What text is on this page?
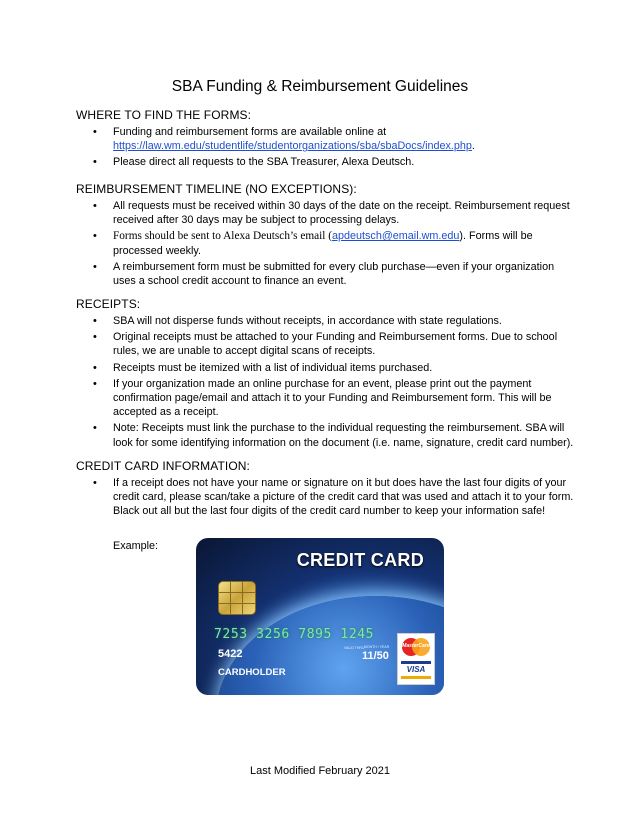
SBA Funding & Reimbursement Guidelines
WHERE TO FIND THE FORMS:
• Funding and reimbursement forms are available online at
https://law.wm.edu/studentlife/studentorganizations/sba/sbaDocs/index.php.
• Please direct all requests to the SBA Treasurer, Alexa Deutsch.
REIMBURSEMENT TIMELINE (NO EXCEPTIONS):
• All requests must be received within 30 days of the date on the receipt. Reimbursement request received after 30 days may be subject to processing delays.
• Forms should be sent to Alexa Deutsch’s email (apdeutsch@email.wm.edu). Forms will be processed weekly.
• A reimbursement form must be submitted for every club purchase—even if your organization uses a school credit account to finance an event.
RECEIPTS:
• SBA will not disperse funds without receipts, in accordance with state regulations.
• Original receipts must be attached to your Funding and Reimbursement forms. Due to school rules, we are unable to accept digital scans of receipts.
• Receipts must be itemized with a list of individual items purchased.
• If your organization made an online purchase for an event, please print out the payment confirmation page/email and attach it to your Funding and Reimbursement form. This will be accepted as a receipt.
• Note: Receipts must link the purchase to the individual requesting the reimbursement. SBA will look for some identifying information on the document (i.e. name, signature, credit card number).
CREDIT CARD INFORMATION:
• If a receipt does not have your name or signature on it but does have the last four digits of your credit card, please scan/take a picture of the credit card that was used and attach it to your form. Black out all but the last four digits of the credit card number to keep your information safe!
Example:
CREDIT CARD
7253 3256 7895 1245
5422	VALID THRU MONTH / YEAR
11/50
CARDHOLDER
MasterCard
VISA
Last Modified February 2021
